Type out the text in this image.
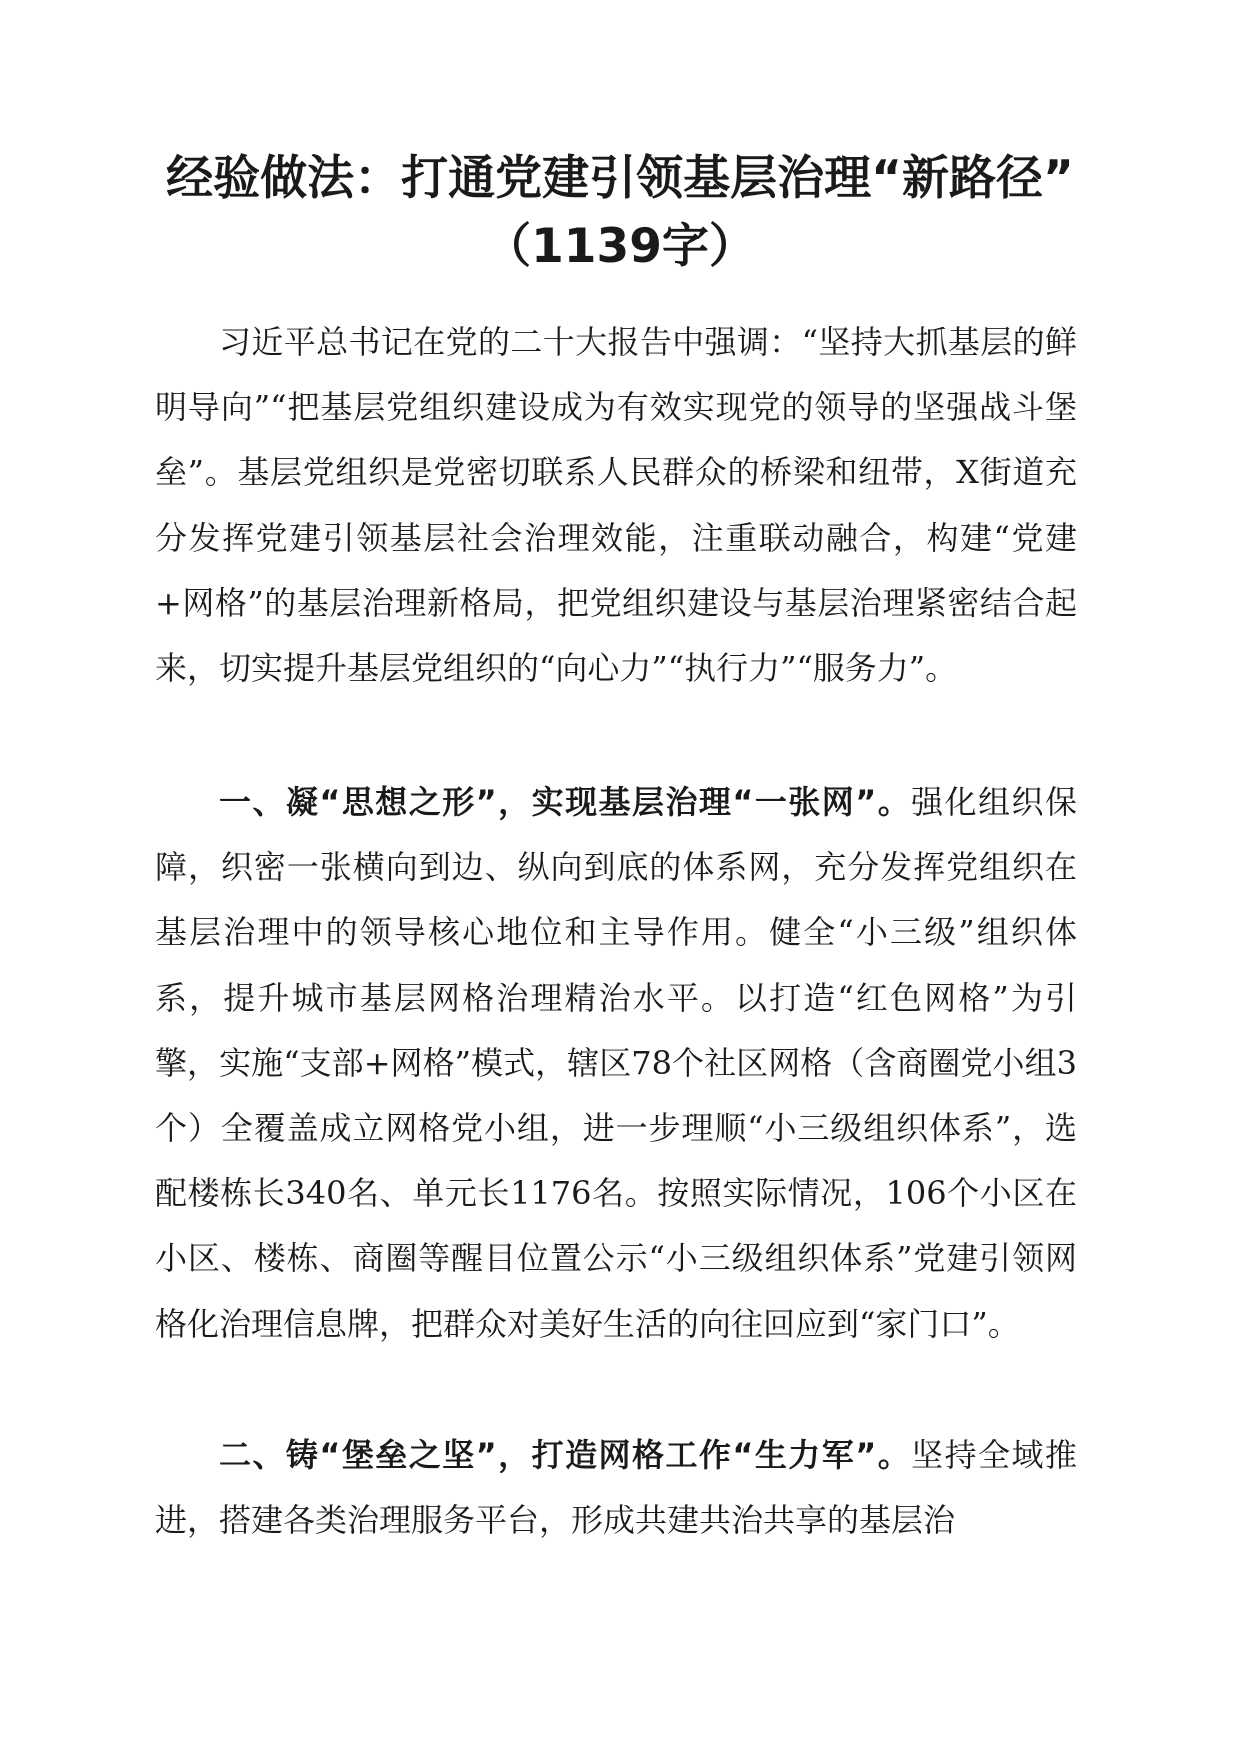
经验做法：打通党建引领基层治理“新路径”
（1139字）

习近平总书记在党的二十大报告中强调：“坚持大抓基层的鲜明导向”“把基层党组织建设成为有效实现党的领导的坚强战斗堡垒”。基层党组织是党密切联系人民群众的桥梁和纽带，X街道充分发挥党建引领基层社会治理效能，注重联动融合，构建“党建+网格”的基层治理新格局，把党组织建设与基层治理紧密结合起来，切实提升基层党组织的“向心力”“执行力”“服务力”。

一、凝“思想之形”，实现基层治理“一张网”。强化组织保障，织密一张横向到边、纵向到底的体系网，充分发挥党组织在基层治理中的领导核心地位和主导作用。健全“小三级”组织体系，提升城市基层网格治理精治水平。以打造“红色网格”为引擎，实施“支部+网格”模式，辖区78个社区网格（含商圈党小组3个）全覆盖成立网格党小组，进一步理顺“小三级组织体系”，选配楼栋长340名、单元长1176名。按照实际情况，106个小区在小区、楼栋、商圈等醒目位置公示“小三级组织体系”党建引领网格化治理信息牌，把群众对美好生活的向往回应到“家门口”。

二、铸“堡垒之坚”，打造网格工作“生力军”。坚持全域推进，搭建各类治理服务平台，形成共建共治共享的基层治
